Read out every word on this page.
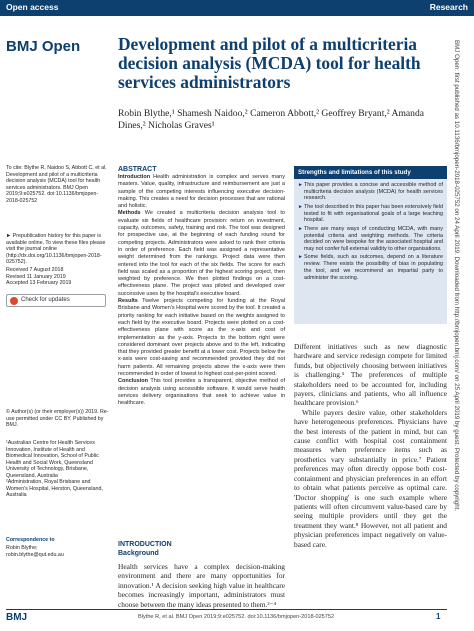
Open access	Research
BMJ Open Development and pilot of a multicriteria decision analysis (MCDA) tool for health services administrators
Robin Blythe,¹ Shamesh Naidoo,² Cameron Abbott,² Geoffrey Bryant,² Amanda Dines,² Nicholas Graves¹
To cite: Blythe R, Naidoo S, Abbott C, et al. Development and pilot of a multicriteria decision analysis (MCDA) tool for health services administrators. BMJ Open 2019;9:e025752. doi:10.1136/bmjopen-2018-025752
► Prepublication history for this paper is available online. To view these files please visit the journal online (http://dx.doi.org/10.1136/bmjopen-2018-025752).
Received 7 August 2018
Revised 11 January 2019
Accepted 13 February 2019
Check for updates
© Author(s) (or their employer(s)) 2019. Re-use permitted under CC BY. Published by BMJ.
¹Australian Centre for Health Services Innovation, Institute of Health and Biomedical Innovation, School of Public Health and Social Work, Queensland University of Technology, Brisbane, Queensland, Australia
²Administration, Royal Brisbane and Women's Hospital, Herston, Queensland, Australia
Correspondence to
Robin Blythe;
robin.blythe@qut.edu.au
ABSTRACT

Introduction Health administration is complex and serves many masters. Value, quality, infrastructure and reimbursement are just a sample of the competing interests influencing executive decision-making. This creates a need for decision processes that are rational and holistic.

Methods We created a multicriteria decision analysis tool to evaluate six fields of healthcare provision: return on investment, capacity, outcomes, safety, training and risk. The tool was designed for prospective use, at the beginning of each funding round for competing projects. Administrators were asked to rank their criteria in order of preference. Each field was assigned a representative weight determined from the rankings. Project data were then entered into the tool for each of the six fields. The score for each field was scaled as a proportion of the highest scoring project, then weighted by preference. We then plotted findings on a cost-effectiveness plane. The project was piloted and developed over successive uses by the hospital's executive board.

Results Twelve projects competing for funding at the Royal Brisbane and Women's Hospital were scored by the tool. It created a priority ranking for each initiative based on the weights assigned to each field by the executive board. Projects were plotted on a cost-effectiveness plane with score as the x-axis and cost of implementation as the y-axis. Projects to the bottom right were considered dominant over projects above and to the left, indicating that they provided greater benefit at a lower cost. Projects below the x-axis were cost-saving and recommended provided they did not harm patients. All remaining projects above the x-axis were then recommended in order of lowest to highest cost-per-point scored.

Conclusion This tool provides a transparent, objective method of decision analysis using accessible software. It would serve health services delivery organisations that seek to achieve value in healthcare.

INTRODUCTION
Background
Health services have a complex decision-making environment and there are many opportunities for innovation.¹ A decision seeking high value in healthcare becomes increasingly important, administrators must choose between the many ideas presented to them.²⁻⁴
Strengths and limitations of this study
► This paper provides a concise and accessible method of multicriteria decision analysis (MCDA) for health services research.
► The tool described in this paper has been extensively field tested to fit with organisational goals of a large teaching hospital.
► There are many ways of conducting MCDA, with many potential criteria and weighting methods. The criteria decided on were bespoke for the associated hospital and may not confer full external validity to other organisations.
► Some fields, such as outcomes, depend on a literature review. There exists the possibility of bias in populating the tool, and we recommend an impartial party to administer the scoring.

Different initiatives such as new diagnostic hardware and service redesign compete for limited funds, but objectively choosing between initiatives is challenging.⁵ The preferences of multiple stakeholders need to be accounted for, including payers, clinicians and patients, who all influence healthcare provision.⁶

While payers desire value, other stakeholders have heterogeneous preferences. Physicians have the best interests of the patient in mind, but can cause conflict with hospital cost containment measures when preference items such as prosthetics vary substantially in price.⁷ Patient preferences may often directly oppose both cost-containment and physician preferences in an effort to obtain what patients perceive as optimal care. 'Doctor shopping' is one such example where patients will often circumvent value-based care by seeing multiple providers until they get the treatment they want.⁸ However, not all patient and physician preferences impact negatively on value-based care.

BMJ Open: first published as 10.1136/bmjopen-2018-025752 on 24 April 2019. Downloaded from http://bmjopen.bmj.com/ on 25 April 2019 by guest. Protected by copyright.
BMJ	Blythe R, et al. BMJ Open 2019;9:e025752. doi:10.1136/bmjopen-2018-025752	1
